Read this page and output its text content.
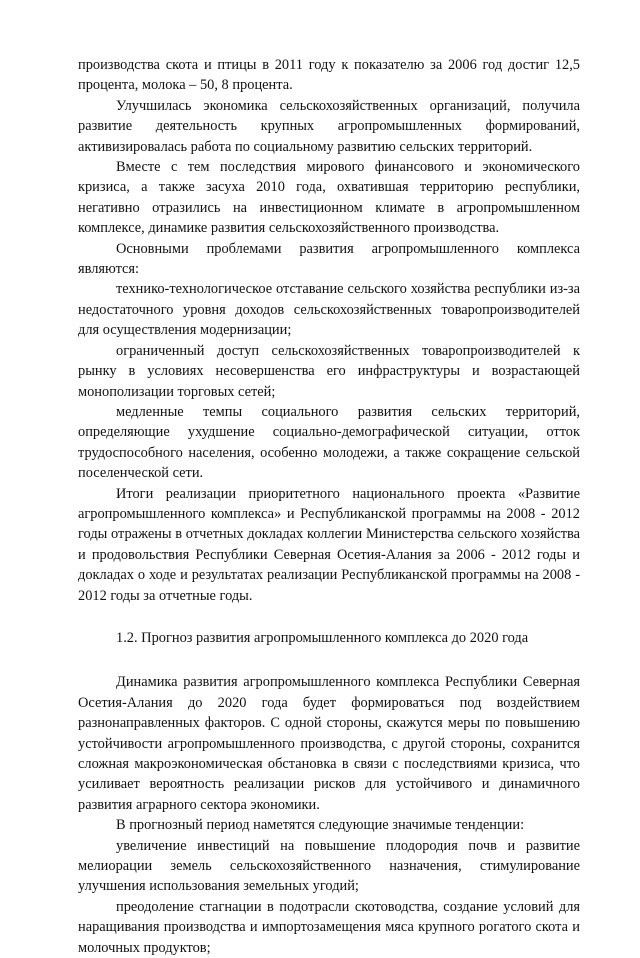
производства скота и птицы в 2011 году к показателю за 2006 год достиг 12,5 процента, молока – 50, 8 процента.

Улучшилась экономика сельскохозяйственных организаций, получила развитие деятельность крупных агропромышленных формирований, активизировалась работа по социальному развитию сельских территорий.

Вместе с тем последствия мирового финансового и экономического кризиса, а также засуха 2010 года, охватившая территорию республики, негативно отразились на инвестиционном климате в агропромышленном комплексе, динамике развития сельскохозяйственного производства.

Основными проблемами развития агропромышленного комплекса являются:

технико-технологическое отставание сельского хозяйства республики из-за недостаточного уровня доходов сельскохозяйственных товаропроизводителей для осуществления модернизации;

ограниченный доступ сельскохозяйственных товаропроизводителей к рынку в условиях несовершенства его инфраструктуры и возрастающей монополизации торговых сетей;

медленные темпы социального развития сельских территорий, определяющие ухудшение социально-демографической ситуации, отток трудоспособного населения, особенно молодежи, а также сокращение сельской поселенческой сети.

Итоги реализации приоритетного национального проекта «Развитие агропромышленного комплекса» и Республиканской программы на 2008 - 2012 годы отражены в отчетных докладах коллегии Министерства сельского хозяйства и продовольствия Республики Северная Осетия-Алания за 2006 - 2012 годы и докладах о ходе и результатах реализации Республиканской программы на 2008 - 2012 годы за отчетные годы.

1.2. Прогноз развития агропромышленного комплекса до 2020 года

Динамика развития агропромышленного комплекса Республики Северная Осетия-Алания до 2020 года будет формироваться под воздействием разнонаправленных факторов. С одной стороны, скажутся меры по повышению устойчивости агропромышленного производства, с другой стороны, сохранится сложная макроэкономическая обстановка в связи с последствиями кризиса, что усиливает вероятность реализации рисков для устойчивого и динамичного развития аграрного сектора экономики.

В прогнозный период наметятся следующие значимые тенденции:

увеличение инвестиций на повышение плодородия почв и развитие мелиорации земель сельскохозяйственного назначения, стимулирование улучшения использования земельных угодий;

преодоление стагнации в подотрасли скотоводства, создание условий для наращивания производства и импортозамещения мяса крупного рогатого скота и молочных продуктов;
